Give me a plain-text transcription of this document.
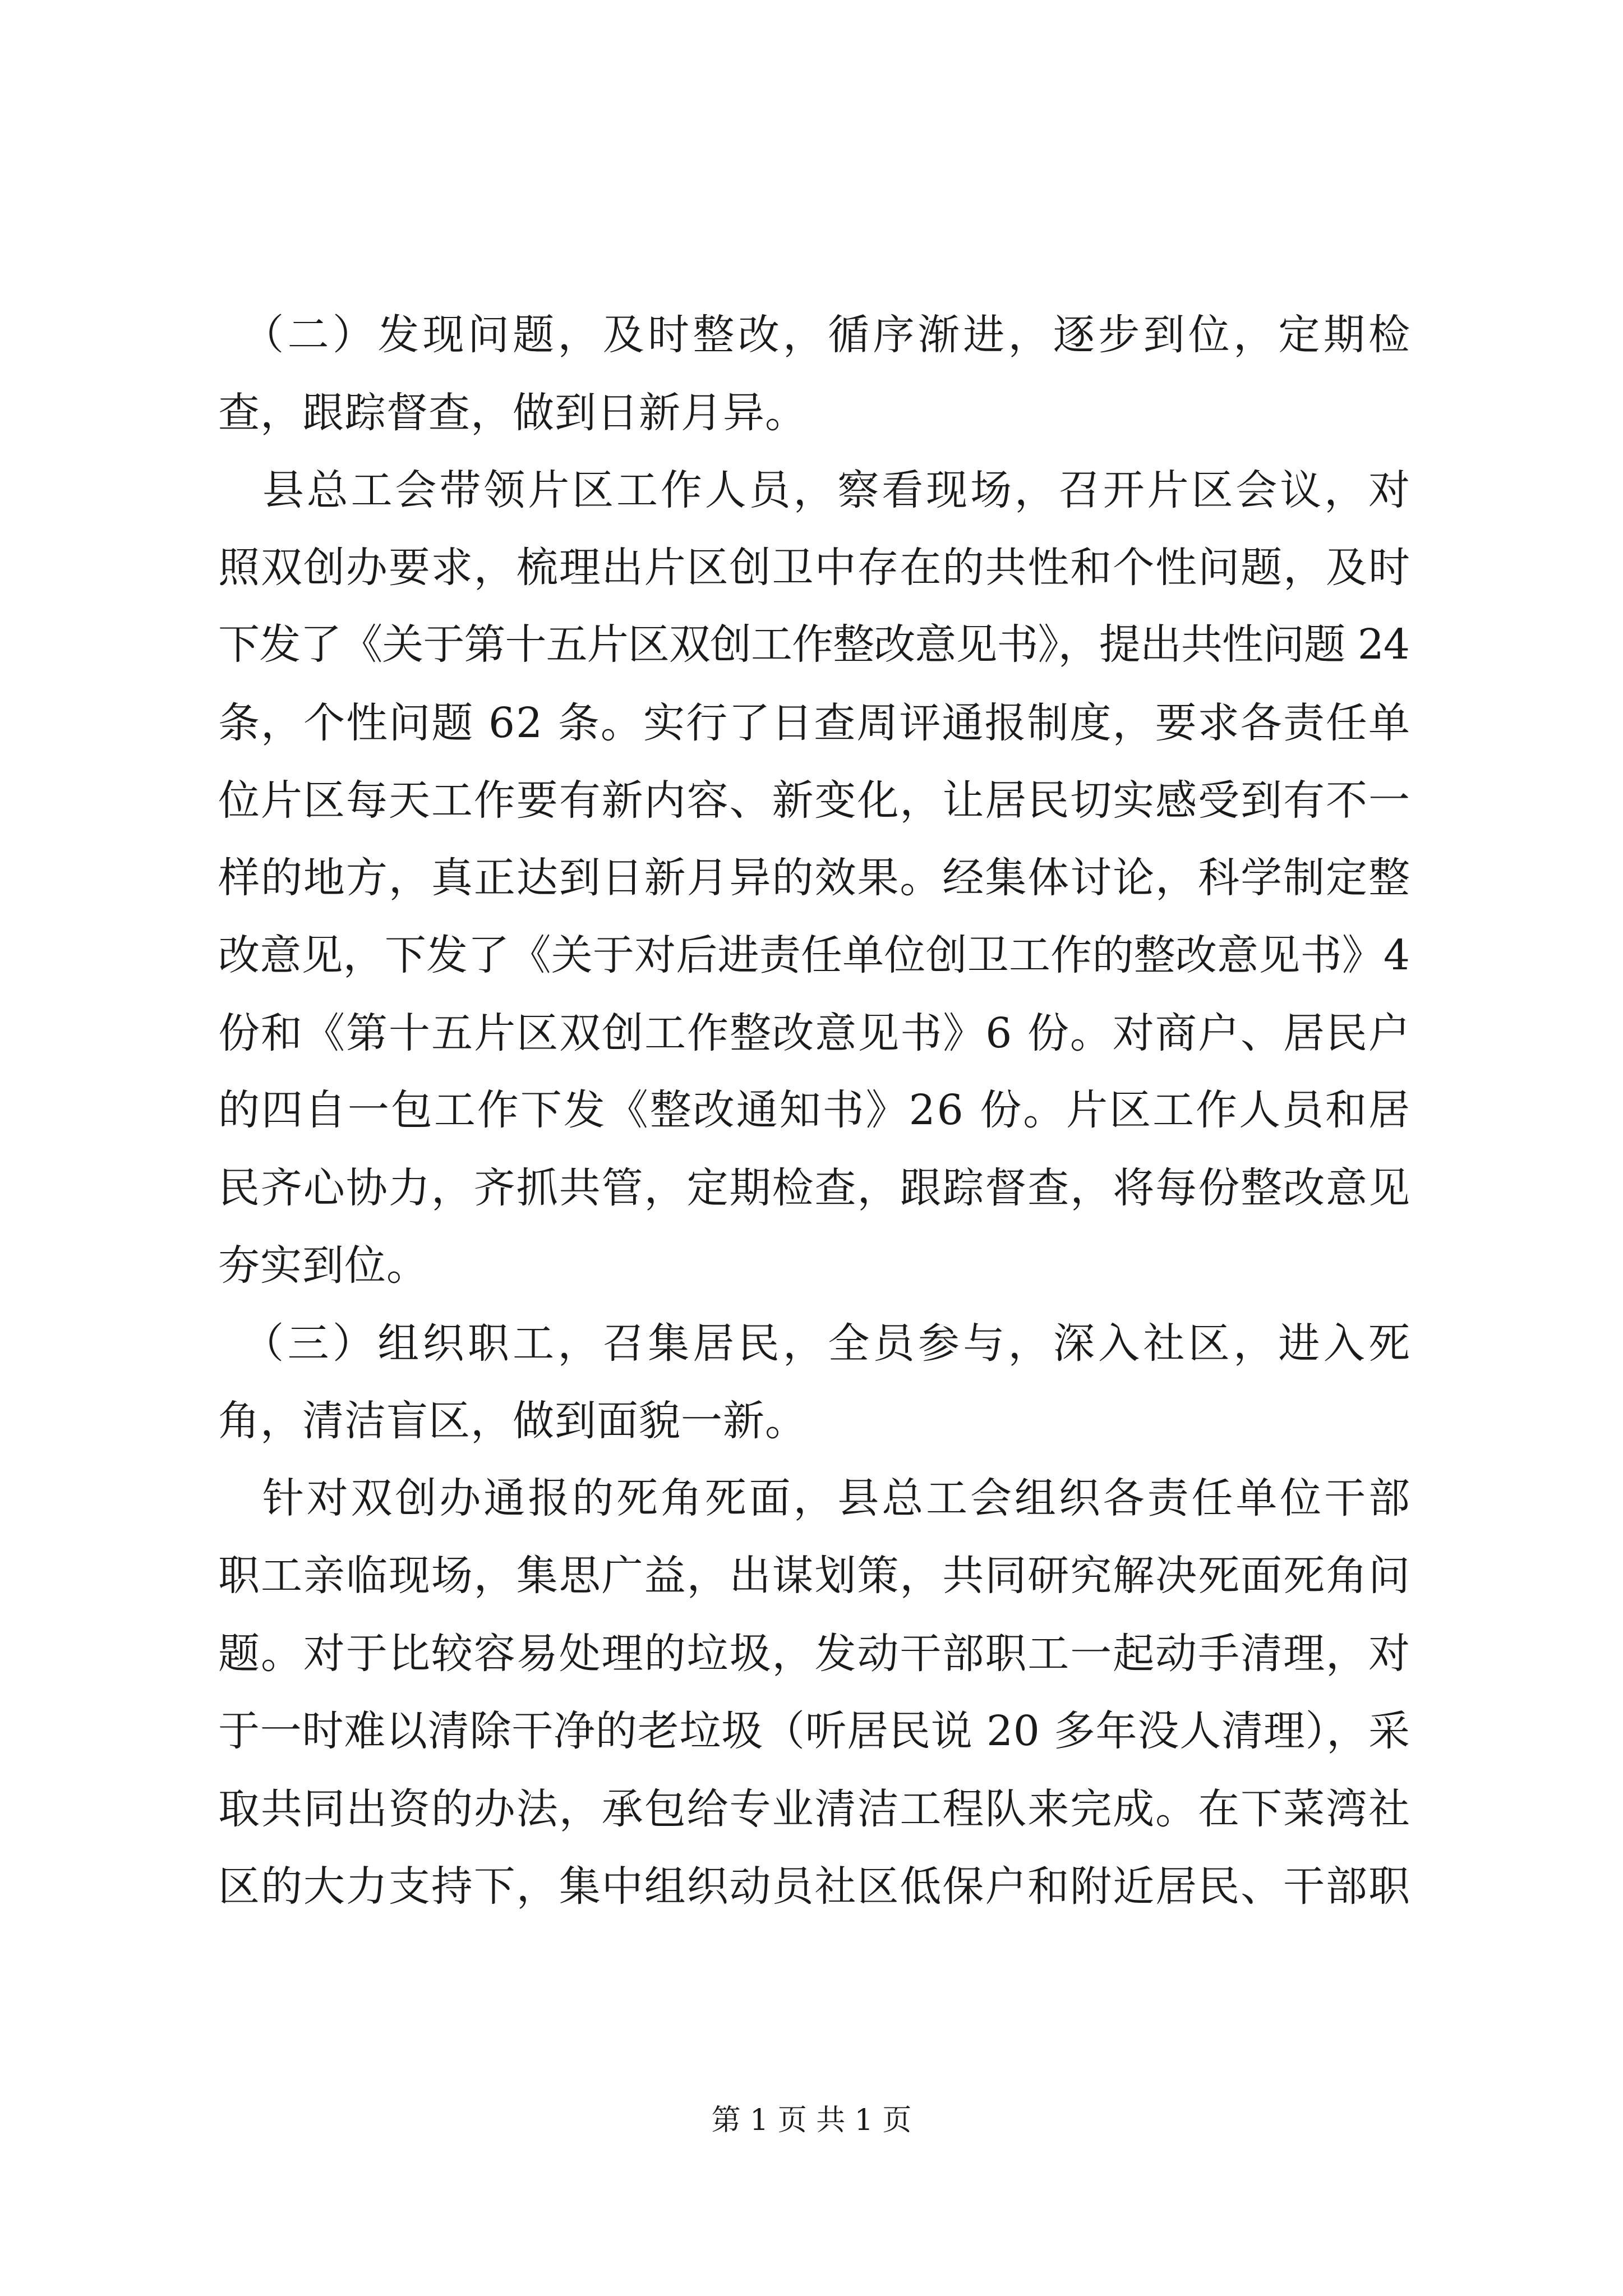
　（二）发现问题，及时整改，循序渐进，逐步到位，定期检
查，跟踪督查，做到日新月异。
　县总工会带领片区工作人员，察看现场，召开片区会议，对
照双创办要求，梳理出片区创卫中存在的共性和个性问题，及时
下发了《关于第十五片区双创工作整改意见书》，提出共性问题 24
条，个性问题 62 条。实行了日查周评通报制度，要求各责任单
位片区每天工作要有新内容、新变化，让居民切实感受到有不一
样的地方，真正达到日新月异的效果。经集体讨论，科学制定整
改意见，下发了《关于对后进责任单位创卫工作的整改意见书》4
份和《第十五片区双创工作整改意见书》6 份。对商户、居民户
的四自一包工作下发《整改通知书》26 份。片区工作人员和居
民齐心协力，齐抓共管，定期检查，跟踪督查，将每份整改意见
夯实到位。
　（三）组织职工，召集居民，全员参与，深入社区，进入死
角，清洁盲区，做到面貌一新。
　针对双创办通报的死角死面，县总工会组织各责任单位干部
职工亲临现场，集思广益，出谋划策，共同研究解决死面死角问
题。对于比较容易处理的垃圾，发动干部职工一起动手清理，对
于一时难以清除干净的老垃圾（听居民说 20 多年没人清理），采
取共同出资的办法，承包给专业清洁工程队来完成。在下菜湾社
区的大力支持下，集中组织动员社区低保户和附近居民、干部职
第 1 页 共 1 页
